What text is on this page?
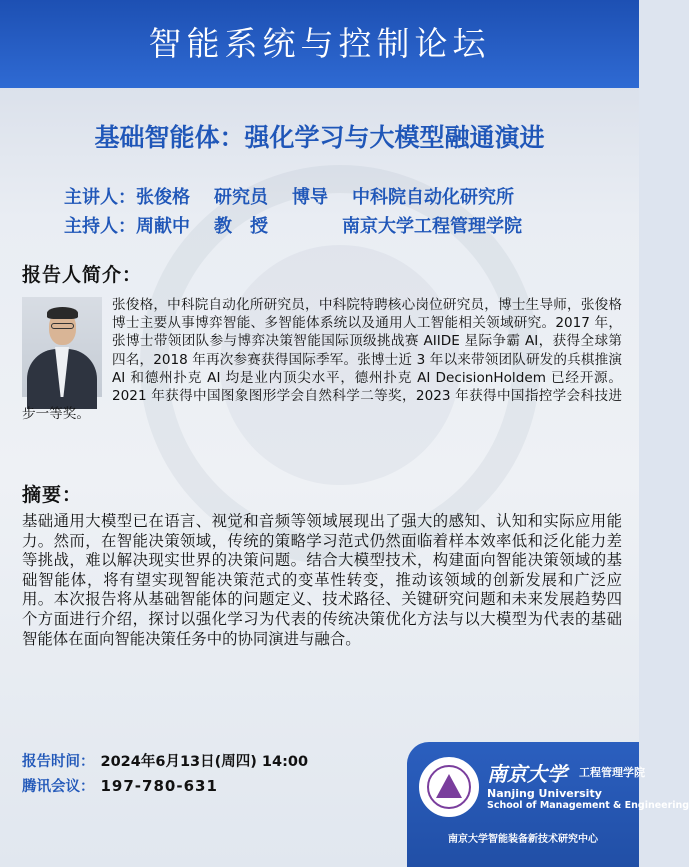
智能系统与控制论坛
基础智能体：强化学习与大模型融通演进
主讲人：张俊格 研究员 博导 中科院自动化研究所
主持人：周献中 教　授	南京大学工程管理学院
报告人简介：
张俊格，中科院自动化所研究员，中科院特聘核心岗位研究员，博士生导师，张俊格博士主要从事博弈智能、多智能体系统以及通用人工智能相关领域研究。2017 年，张博士带领团队参与博弈决策智能国际顶级挑战赛 AIIDE 星际争霸 AI，获得全球第四名，2018 年再次参赛获得国际季军。张博士近 3 年以来带领团队研发的兵棋推演 AI 和德州扑克 AI 均是业内顶尖水平，德州扑克 AI DecisionHoldem 已经开源。2021 年获得中国图象图形学会自然科学二等奖，2023 年获得中国指控学会科技进步一等奖。
摘要：
基础通用大模型已在语言、视觉和音频等领域展现出了强大的感知、认知和实际应用能力。然而，在智能决策领域，传统的策略学习范式仍然面临着样本效率低和泛化能力差等挑战，难以解决现实世界的决策问题。结合大模型技术，构建面向智能决策领域的基础智能体，将有望实现智能决策范式的变革性转变，推动该领域的创新发展和广泛应用。本次报告将从基础智能体的问题定义、技术路径、关键研究问题和未来发展趋势四个方面进行介绍，探讨以强化学习为代表的传统决策优化方法与以大模型为代表的基础智能体在面向智能决策任务中的协同演进与融合。
报告时间： 2024年6月13日(周四) 14:00
腾讯会议： 197-780-631	南京大学 工程管理学院
Nanjing University
School of Management & Engineering
南京大学智能装备新技术研究中心
